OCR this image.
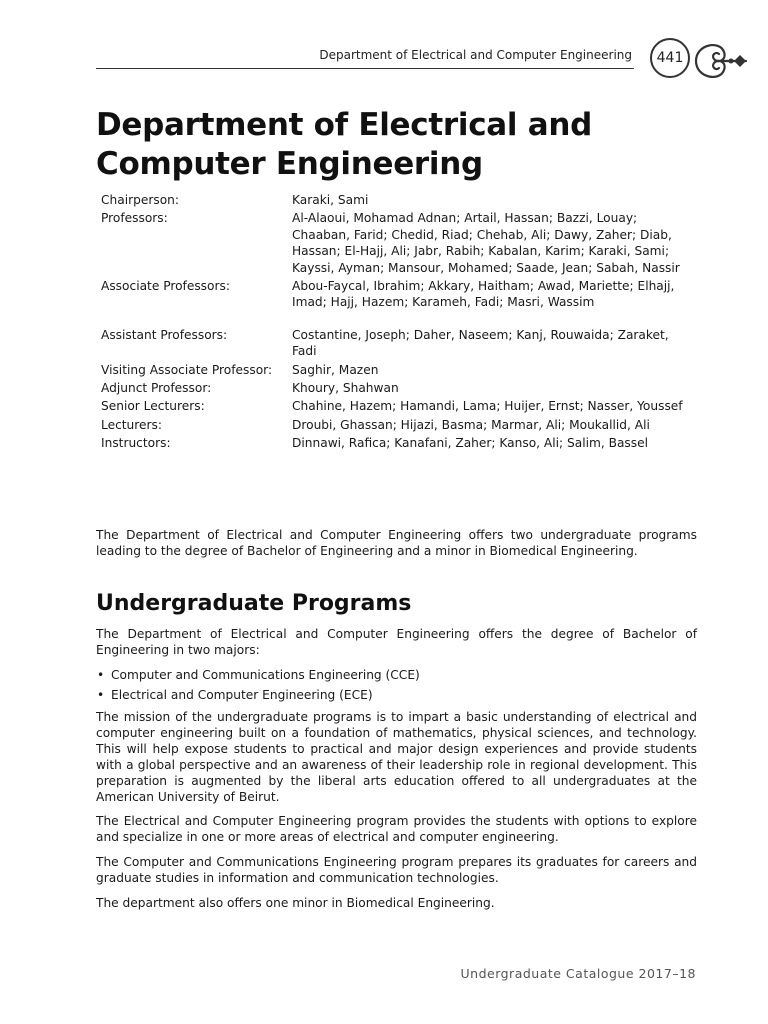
Department of Electrical and Computer Engineering	441
Department of Electrical and
Computer Engineering
Chairperson:	Karaki, Sami
Professors:	Al-Alaoui, Mohamad Adnan; Artail, Hassan; Bazzi, Louay; Chaaban, Farid; Chedid, Riad; Chehab, Ali; Dawy, Zaher; Diab, Hassan; El-Hajj, Ali; Jabr, Rabih; Kabalan, Karim; Karaki, Sami; Kayssi, Ayman; Mansour, Mohamed; Saade, Jean; Sabah, Nassir
Associate Professors:	Abou-Faycal, Ibrahim; Akkary, Haitham; Awad, Mariette; Elhajj, Imad; Hajj, Hazem; Karameh, Fadi; Masri, Wassim
Assistant Professors:	Costantine, Joseph; Daher, Naseem; Kanj, Rouwaida; Zaraket, Fadi
Visiting Associate Professor:	Saghir, Mazen
Adjunct Professor:	Khoury, Shahwan
Senior Lecturers:	Chahine, Hazem; Hamandi, Lama; Huijer, Ernst; Nasser, Youssef
Lecturers:	Droubi, Ghassan; Hijazi, Basma; Marmar, Ali; Moukallid, Ali
Instructors:	Dinnawi, Rafica; Kanafani, Zaher; Kanso, Ali; Salim, Bassel

The Department of Electrical and Computer Engineering offers two undergraduate programs leading to the degree of Bachelor of Engineering and a minor in Biomedical Engineering.

Undergraduate Programs

The Department of Electrical and Computer Engineering offers the degree of Bachelor of Engineering in two majors:

• Computer and Communications Engineering (CCE)
• Electrical and Computer Engineering (ECE)

The mission of the undergraduate programs is to impart a basic understanding of electrical and computer engineering built on a foundation of mathematics, physical sciences, and technology. This will help expose students to practical and major design experiences and provide students with a global perspective and an awareness of their leadership role in regional development. This preparation is augmented by the liberal arts education offered to all undergraduates at the American University of Beirut.

The Electrical and Computer Engineering program provides the students with options to explore and specialize in one or more areas of electrical and computer engineering.

The Computer and Communications Engineering program prepares its graduates for careers and graduate studies in information and communication technologies.

The department also offers one minor in Biomedical Engineering.

Undergraduate Catalogue 2017–18
